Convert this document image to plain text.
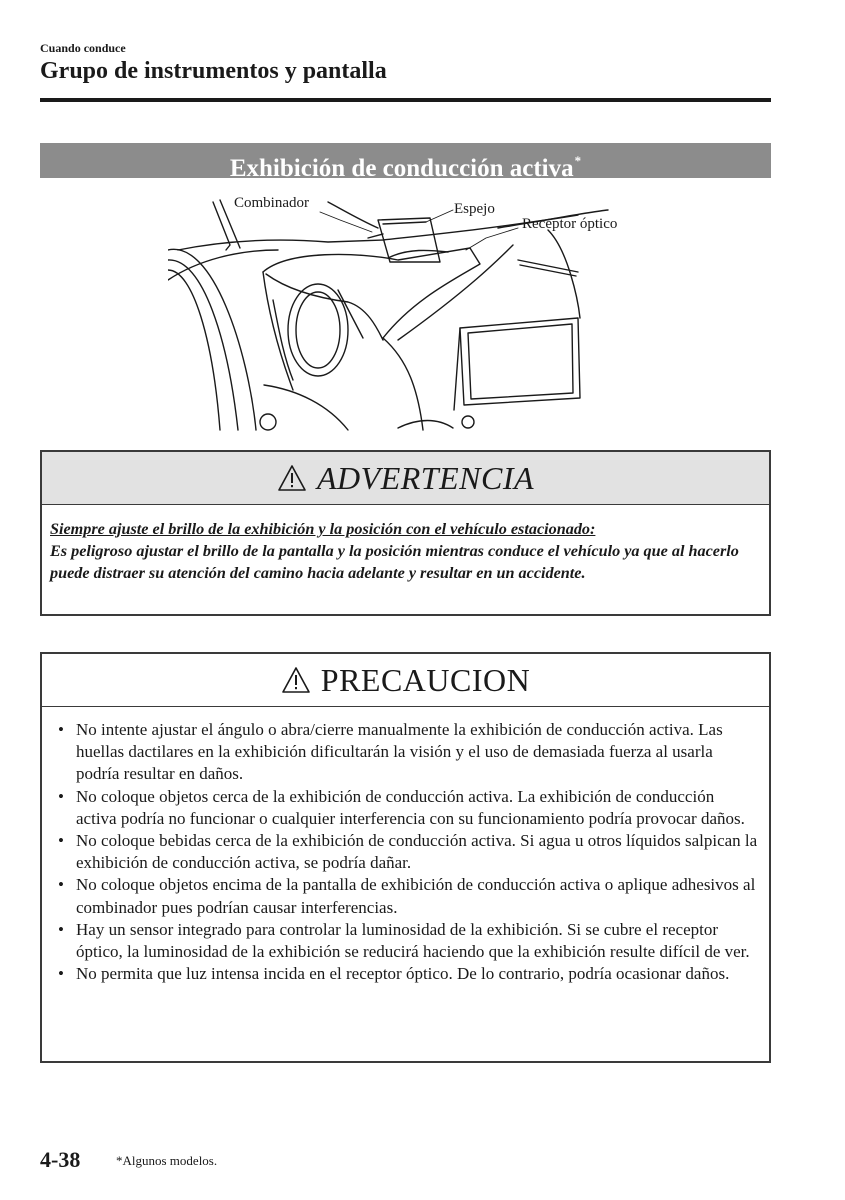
Cuando conduce
Grupo de instrumentos y pantalla
Exhibición de conducción activa*
Combinador	Espejo
Receptor óptico
ADVERTENCIA
Siempre ajuste el brillo de la exhibición y la posición con el vehículo estacionado:
Es peligroso ajustar el brillo de la pantalla y la posición mientras conduce el vehículo ya que al hacerlo puede distraer su atención del camino hacia adelante y resultar en un accidente.
PRECAUCION
• No intente ajustar el ángulo o abra/cierre manualmente la exhibición de conducción activa. Las huellas dactilares en la exhibición dificultarán la visión y el uso de demasiada fuerza al usarla podría resultar en daños.
• No coloque objetos cerca de la exhibición de conducción activa. La exhibición de conducción activa podría no funcionar o cualquier interferencia con su funcionamiento podría provocar daños.
• No coloque bebidas cerca de la exhibición de conducción activa. Si agua u otros líquidos salpican la exhibición de conducción activa, se podría dañar.
• No coloque objetos encima de la pantalla de exhibición de conducción activa o aplique adhesivos al combinador pues podrían causar interferencias.
• Hay un sensor integrado para controlar la luminosidad de la exhibición. Si se cubre el receptor óptico, la luminosidad de la exhibición se reducirá haciendo que la exhibición resulte difícil de ver.
• No permita que luz intensa incida en el receptor óptico. De lo contrario, podría ocasionar daños.
4-38	*Algunos modelos.
